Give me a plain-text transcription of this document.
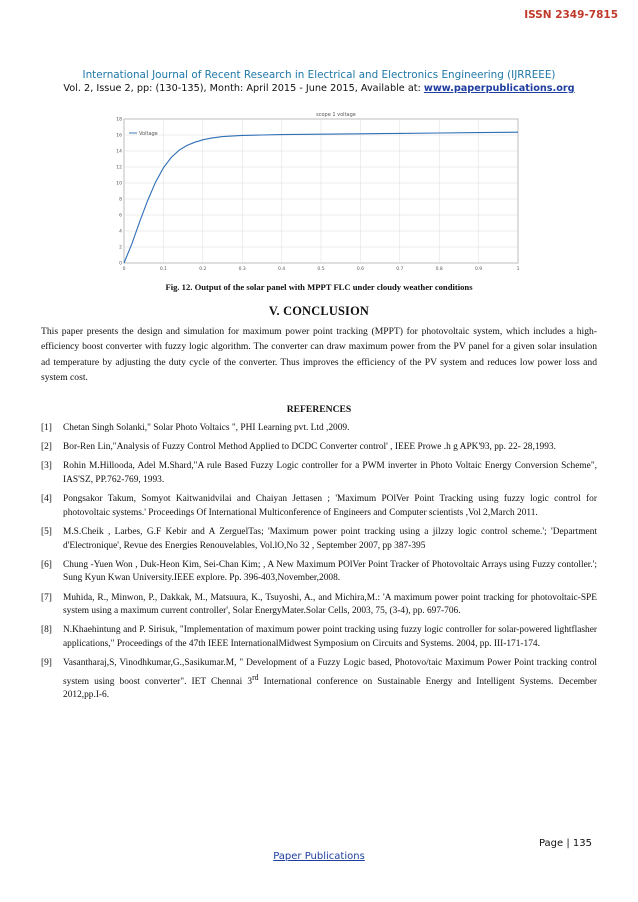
ISSN 2349-7815
International Journal of Recent Research in Electrical and Electronics Engineering (IJRREEE)
Vol. 2, Issue 2, pp: (130-135), Month: April 2015 - June 2015, Available at: www.paperpublications.org
scope 1 voltage
0	0.1	0.2	0.3	0.4	0.5	0.6	0.7	0.8	0.9	1
0
2
4
6
8
10
12
14
16
18
Voltage
Fig. 12. Output of the solar panel with MPPT FLC under cloudy weather conditions
V. CONCLUSION

This paper presents the design and simulation for maximum power point tracking (MPPT) for photovoltaic system, which includes a high-efficiency boost converter with fuzzy logic algorithm. The converter can draw maximum power from the PV panel for a given solar insulation ad temperature by adjusting the duty cycle of the converter. Thus improves the efficiency of the PV system and reduces low power loss and system cost.

REFERENCES
[1]	Chetan Singh Solanki," Solar Photo Voltaics ", PHI Learning pvt. Ltd ,2009.
[2]	Bor-Ren Lin,"Analysis of Fuzzy Control Method Applied to DCDC Converter control' , IEEE Prowe .h g APK'93, pp. 22- 28,1993.
[3]	Rohin M.Hillooda, Adel M.Shard,"A rule Based Fuzzy Logic controller for a PWM inverter in Photo Voltaic Energy Conversion Scheme", IAS'SZ, PP.762-769, 1993.
[4]	Pongsakor Takum, Somyot Kaitwanidvilai and Chaiyan Jettasen ; 'Maximum POlVer Point Tracking using fuzzy logic control for photovoltaic systems.' Proceedings Of International Multiconference of Engineers and Computer scientists ,Vol 2,March 2011.
[5]	M.S.Cheik , Larbes, G.F Kebir and A ZerguelTas; 'Maximum power point tracking using a jilzzy logic control scheme.'; 'Department d'Electronique', Revue des Energies Renouvelables, Vol.lO,No 32 , September 2007, pp 387-395
[6]	Chung -Yuen Won , Duk-Heon Kim, Sei-Chan Kim; , A New Maximum POlVer Point Tracker of Photovoltaic Arrays using Fuzzy contoller.'; Sung Kyun Kwan University.IEEE explore. Pp. 396-403,November,2008.
[7]	Muhida, R., Minwon, P., Dakkak, M., Matsuura, K., Tsuyoshi, A., and Michira,M.: 'A maximum power point tracking for photovoltaic-SPE system using a maximum current controller', Solar EnergyMater.Solar Cells, 2003, 75, (3-4), pp. 697-706.
[8]	N.Khaehintung and P. Sirisuk, "Implementation of maximum power point tracking using fuzzy logic controller for solar-powered lightflasher applications," Proceedings of the 47th IEEE InternationalMidwest Symposium on Circuits and Systems. 2004, pp. III-171-174.
[9]	Vasantharaj,S, Vinodhkumar,G.,Sasikumar.M, " Development of a Fuzzy Logic based, Photovo/taic Maximum Power Point tracking control system using boost converter". IET Chennai 3rd International conference on Sustainable Energy and Intelligent Systems. December 2012,pp.I-6.
Page | 135
Paper Publications
